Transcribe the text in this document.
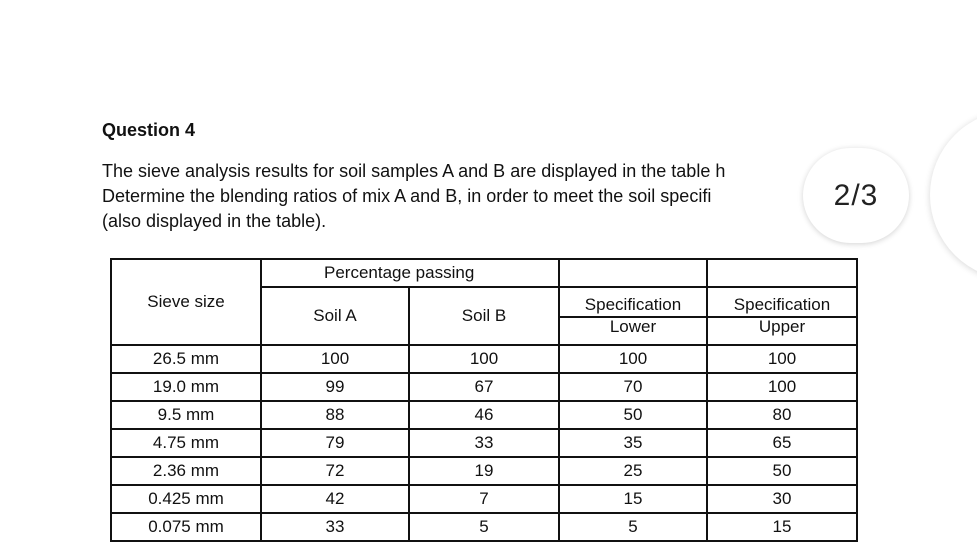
Question 4
The sieve analysis results for soil samples A and B are displayed in the table h
Determine the blending ratios of mix A and B, in order to meet the soil specifi
(also displayed in the table).
2/3
Sieve size	Percentage passing			
	Soil A	Soil B	Specification	Specification
			Lower	Upper
26.5 mm	100	100	100	100
19.0 mm	99	67	70	100
9.5 mm	88	46	50	80
4.75 mm	79	33	35	65
2.36 mm	72	19	25	50
0.425 mm	42	7	15	30
0.075 mm	33	5	5	15
